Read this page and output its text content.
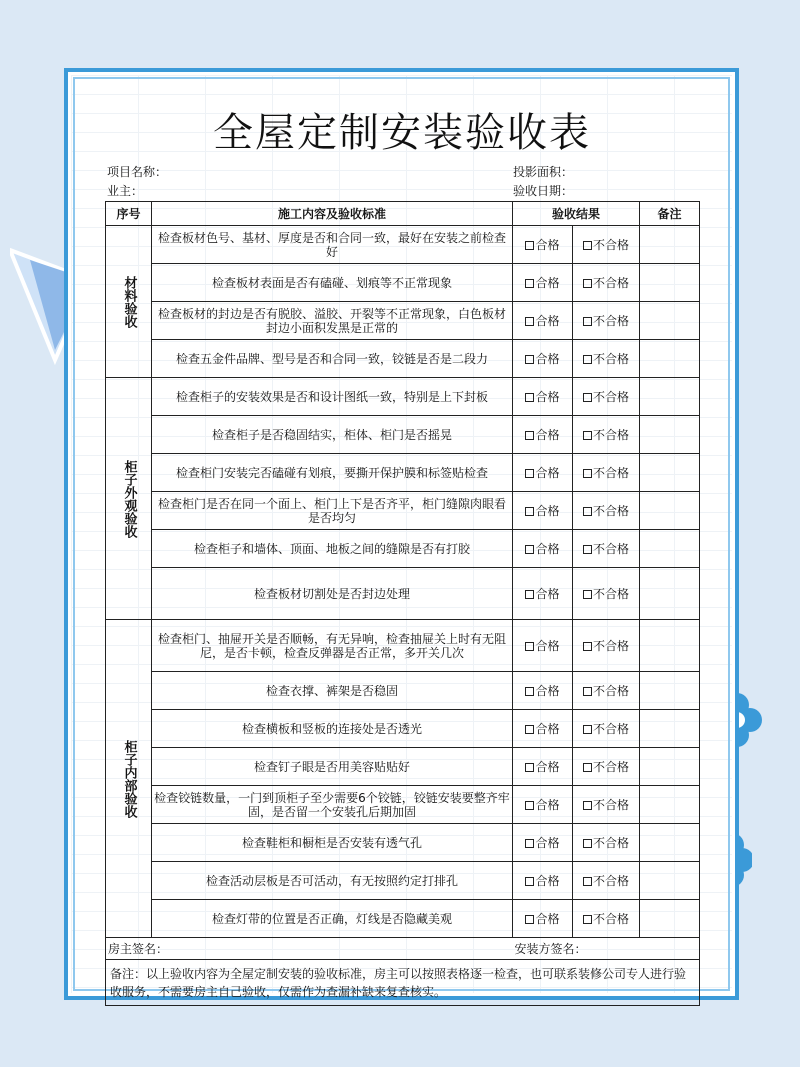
全屋定制安装验收表
项目名称：	投影面积：
业主：	验收日期：
序号	施工内容及验收标准	验收结果		备注

材料验收	检查板材色号、基材、厚度是否和合同一致，最好在安装之前检查好	合格	不合格	
	检查板材表面是否有磕碰、划痕等不正常现象	合格	不合格	
	检查板材的封边是否有脱胶、溢胶、开裂等不正常现象，白色板材封边小面积发黑是正常的	合格	不合格	
	检查五金件品牌、型号是否和合同一致，铰链是否是二段力	合格	不合格	

柜子外观验收	检查柜子的安装效果是否和设计图纸一致，特别是上下封板	合格	不合格	
	检查柜子是否稳固结实，柜体、柜门是否摇晃	合格	不合格	
	检查柜门安装完否磕碰有划痕，要撕开保护膜和标签贴检查	合格	不合格	
	检查柜门是否在同一个面上、柜门上下是否齐平，柜门缝隙肉眼看是否均匀	合格	不合格	
	检查柜子和墙体、顶面、地板之间的缝隙是否有打胶	合格	不合格	
	检查板材切割处是否封边处理	合格	不合格	

柜子内部验收	检查柜门、抽屉开关是否顺畅，有无异响，检查抽屉关上时有无阻尼，是否卡顿，检查反弹器是否正常，多开关几次	合格	不合格	
	检查衣撑、裤架是否稳固	合格	不合格	
	检查横板和竖板的连接处是否透光	合格	不合格	
	检查钉子眼是否用美容贴贴好	合格	不合格	
	检查铰链数量，一门到顶柜子至少需要6个铰链，铰链安装要整齐牢固，是否留一个安装孔后期加固	合格	不合格	
	检查鞋柜和橱柜是否安装有透气孔	合格	不合格	
	检查活动层板是否可活动，有无按照约定打排孔	合格	不合格	
	检查灯带的位置是否正确，灯线是否隐藏美观	合格	不合格	
房主签名：		安装方签名：		
备注：以上验收内容为全屋定制安装的验收标准，房主可以按照表格逐一检查，也可联系装修公司专人进行验收服务，不需要房主自己验收，仅需作为查漏补缺来复查核实。				
